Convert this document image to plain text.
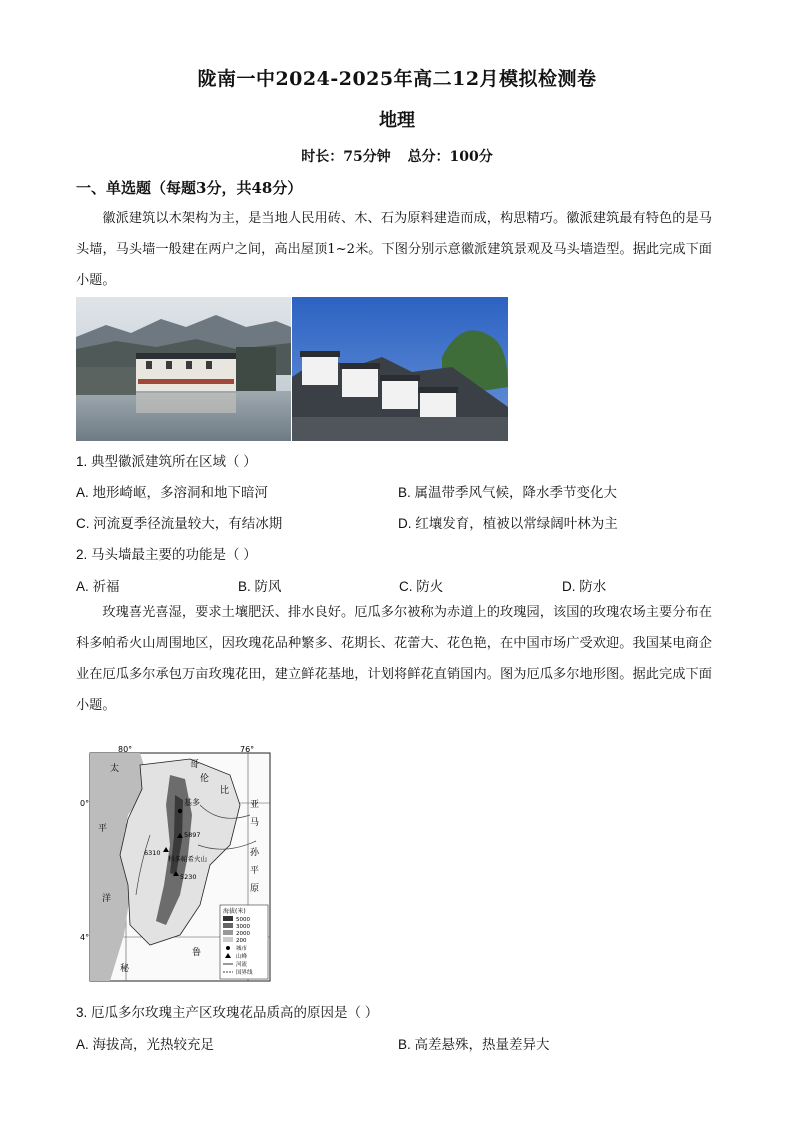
陇南一中2024-2025年高二12月模拟检测卷
地理
时长：75分钟 总分：100分
一、单选题（每题3分，共48分）
徽派建筑以木架构为主，是当地人民用砖、木、石为原料建造而成，构思精巧。徽派建筑最有特色的是马头墙，马头墙一般建在两户之间，高出屋顶1~2米。下图分别示意徽派建筑景观及马头墙造型。据此完成下面小题。
1. 典型徽派建筑所在区域（ ）
A. 地形崎岖，多溶洞和地下暗河	B. 属温带季风气候，降水季节变化大
C. 河流夏季径流量较大，有结冰期	D. 红壤发育，植被以常绿阔叶林为主
2. 马头墙最主要的功能是（ ）
A. 祈福	B. 防风	C. 防火	D. 防水
玫瑰喜光喜湿，要求土壤肥沃、排水良好。厄瓜多尔被称为赤道上的玫瑰园，该国的玫瑰农场主要分布在科多帕希火山周围地区，因玫瑰花品种繁多、花期长、花蕾大、花色艳，在中国市场广受欢迎。我国某电商企业在厄瓜多尔承包万亩玫瑰花田，建立鲜花基地，计划将鲜花直销国内。图为厄瓜多尔地形图。据此完成下面小题。
80°	76°
0°
4°
太
平
洋
哥
伦
比
亚
马
孙
平
原
秘
鲁
基多
科多帕希火山
5897
6310
5230
海拔(米)
5000
3000
2000
200
城市
山峰
河流
国界线
3. 厄瓜多尔玫瑰主产区玫瑰花品质高的原因是（ ）
A. 海拔高，光热较充足	B. 高差悬殊，热量差异大
